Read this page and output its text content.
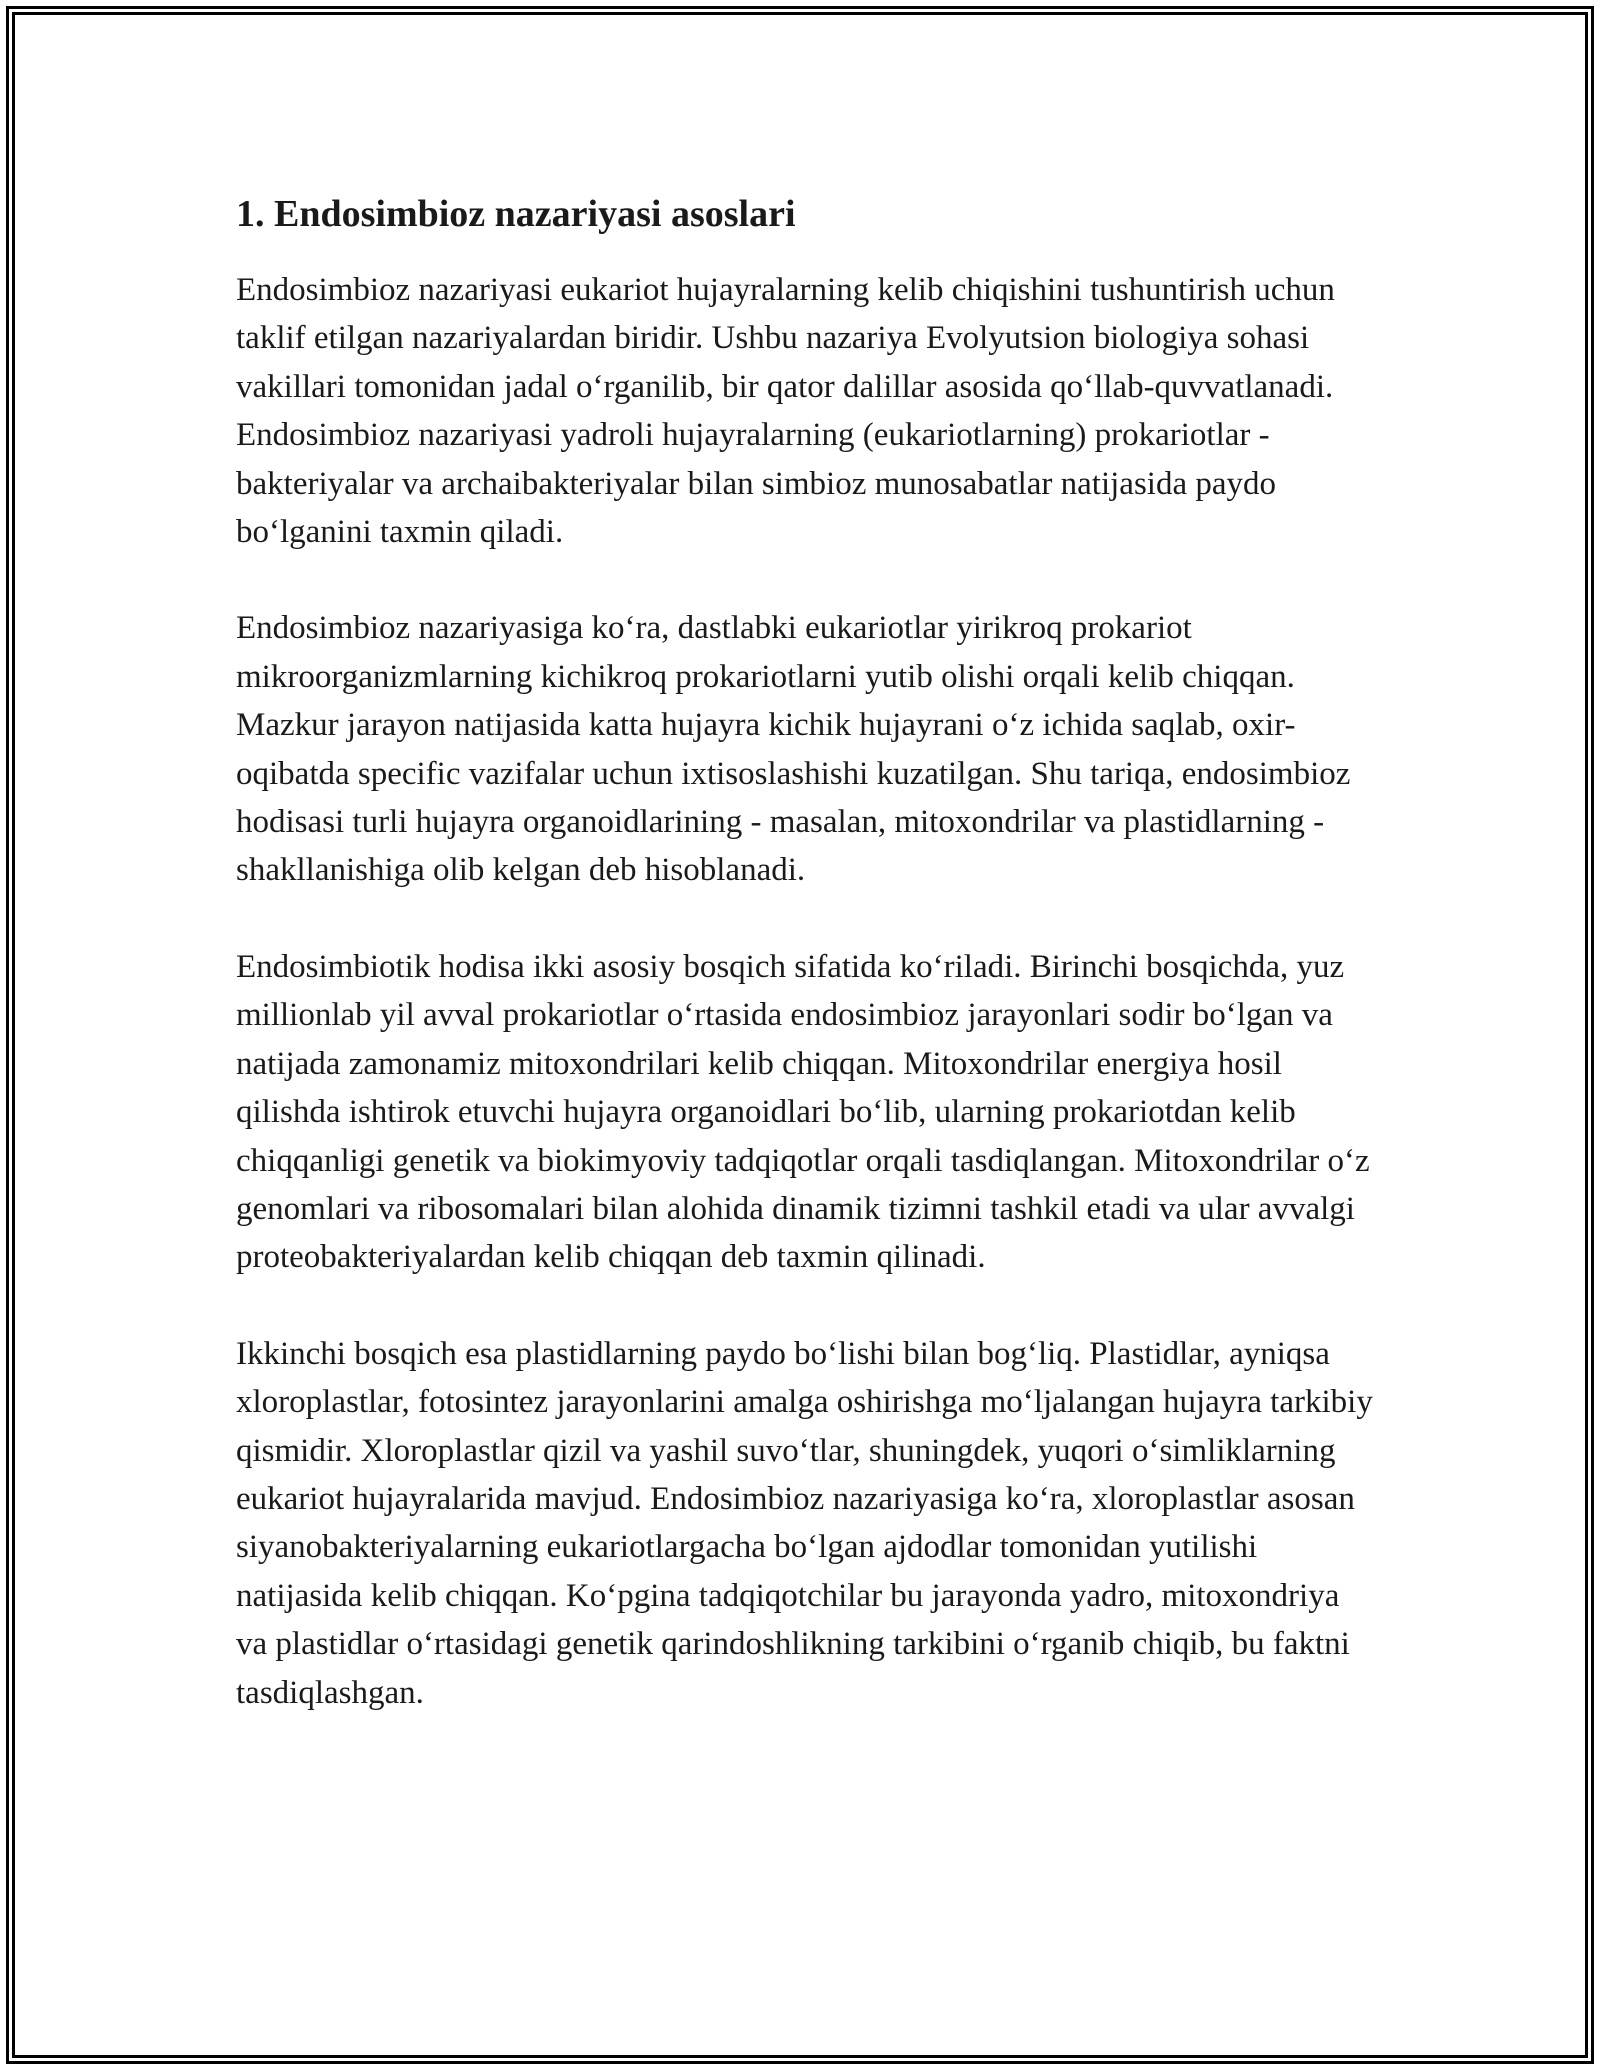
1. Endosimbioz nazariyasi asoslari

Endosimbioz nazariyasi eukariot hujayralarning kelib chiqishini tushuntirish uchun taklif etilgan nazariyalardan biridir. Ushbu nazariya Evolyutsion biologiya sohasi vakillari tomonidan jadal o‘rganilib, bir qator dalillar asosida qo‘llab-quvvatlanadi. Endosimbioz nazariyasi yadroli hujayralarning (eukariotlarning) prokariotlar - bakteriyalar va archaibakteriyalar bilan simbioz munosabatlar natijasida paydo bo‘lganini taxmin qiladi.

Endosimbioz nazariyasiga ko‘ra, dastlabki eukariotlar yirikroq prokariot mikroorganizmlarning kichikroq prokariotlarni yutib olishi orqali kelib chiqqan. Mazkur jarayon natijasida katta hujayra kichik hujayrani o‘z ichida saqlab, oxir-oqibatda specific vazifalar uchun ixtisoslashishi kuzatilgan. Shu tariqa, endosimbioz hodisasi turli hujayra organoidlarining - masalan, mitoxondrilar va plastidlarning - shakllanishiga olib kelgan deb hisoblanadi.

Endosimbiotik hodisa ikki asosiy bosqich sifatida ko‘riladi. Birinchi bosqichda, yuz millionlab yil avval prokariotlar o‘rtasida endosimbioz jarayonlari sodir bo‘lgan va natijada zamonamiz mitoxondrilari kelib chiqqan. Mitoxondrilar energiya hosil qilishda ishtirok etuvchi hujayra organoidlari bo‘lib, ularning prokariotdan kelib chiqqanligi genetik va biokimyoviy tadqiqotlar orqali tasdiqlangan. Mitoxondrilar o‘z genomlari va ribosomalari bilan alohida dinamik tizimni tashkil etadi va ular avvalgi proteobakteriyalardan kelib chiqqan deb taxmin qilinadi.

Ikkinchi bosqich esa plastidlarning paydo bo‘lishi bilan bog‘liq. Plastidlar, ayniqsa xloroplastlar, fotosintez jarayonlarini amalga oshirishga mo‘ljalangan hujayra tarkibiy qismidir. Xloroplastlar qizil va yashil suvo‘tlar, shuningdek, yuqori o‘simliklarning eukariot hujayralarida mavjud. Endosimbioz nazariyasiga ko‘ra, xloroplastlar asosan siyanobakteriyalarning eukariotlargacha bo‘lgan ajdodlar tomonidan yutilishi natijasida kelib chiqqan. Ko‘pgina tadqiqotchilar bu jarayonda yadro, mitoxondriya va plastidlar o‘rtasidagi genetik qarindoshlikning tarkibini o‘rganib chiqib, bu faktni tasdiqlashgan.
